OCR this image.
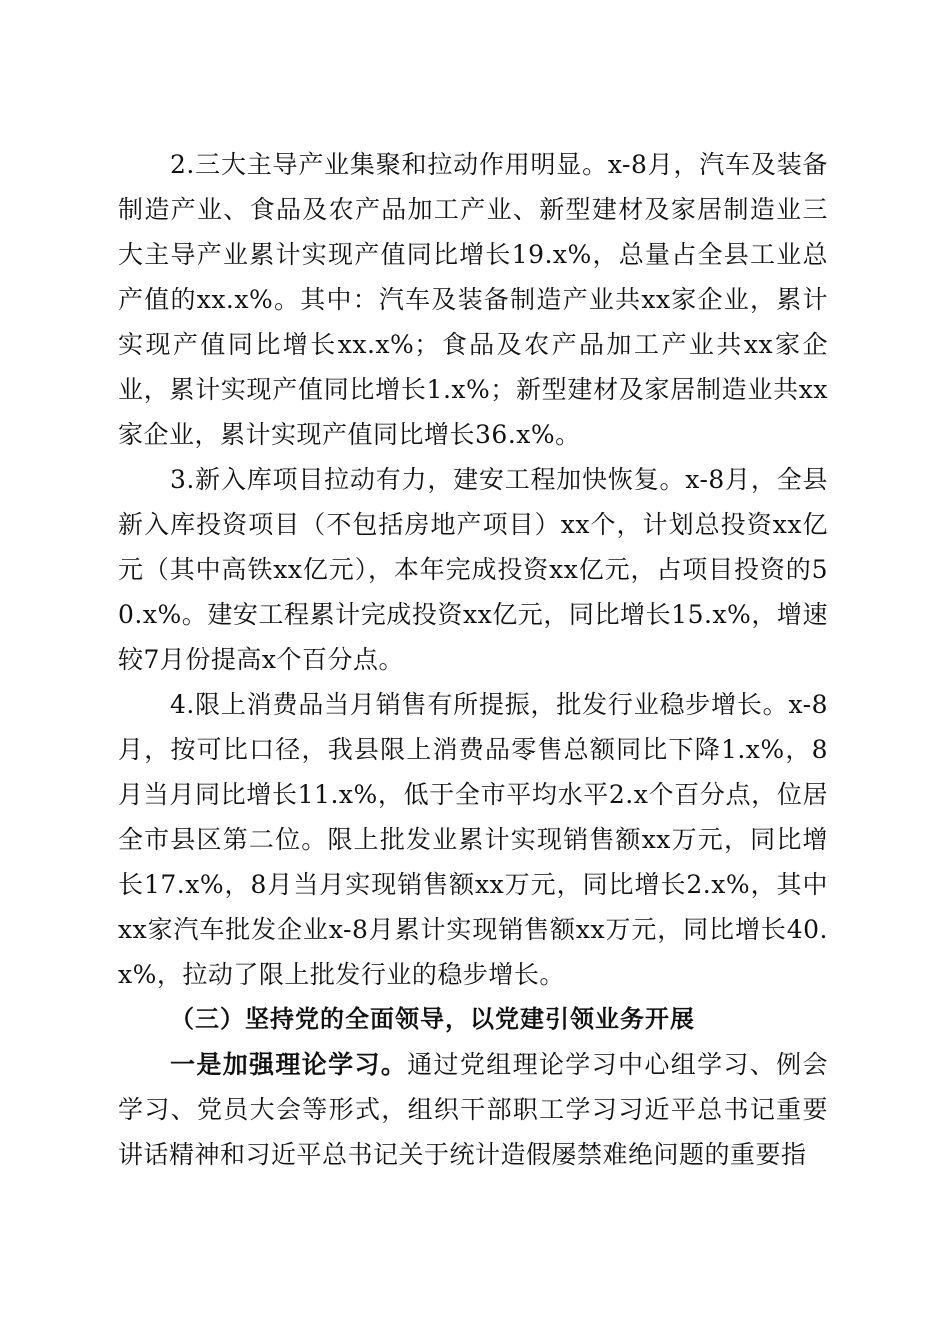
2.三大主导产业集聚和拉动作用明显。x-8月，汽车及装备制造产业、食品及农产品加工产业、新型建材及家居制造业三大主导产业累计实现产值同比增长19.x%，总量占全县工业总产值的xx.x%。其中：汽车及装备制造产业共xx家企业，累计实现产值同比增长xx.x%；食品及农产品加工产业共xx家企业，累计实现产值同比增长1.x%；新型建材及家居制造业共xx家企业，累计实现产值同比增长36.x%。

3.新入库项目拉动有力，建安工程加快恢复。x-8月，全县新入库投资项目（不包括房地产项目）xx个，计划总投资xx亿元（其中高铁xx亿元），本年完成投资xx亿元，占项目投资的50.x%。建安工程累计完成投资xx亿元，同比增长15.x%，增速较7月份提高x个百分点。

4.限上消费品当月销售有所提振，批发行业稳步增长。x-8月，按可比口径，我县限上消费品零售总额同比下降1.x%，8月当月同比增长11.x%，低于全市平均水平2.x个百分点，位居全市县区第二位。限上批发业累计实现销售额xx万元，同比增长17.x%，8月当月实现销售额xx万元，同比增长2.x%，其中xx家汽车批发企业x-8月累计实现销售额xx万元，同比增长40.x%，拉动了限上批发行业的稳步增长。

（三）坚持党的全面领导，以党建引领业务开展

一是加强理论学习。通过党组理论学习中心组学习、例会学习、党员大会等形式，组织干部职工学习习近平总书记重要讲话精神和习近平总书记关于统计造假屡禁难绝问题的重要指
